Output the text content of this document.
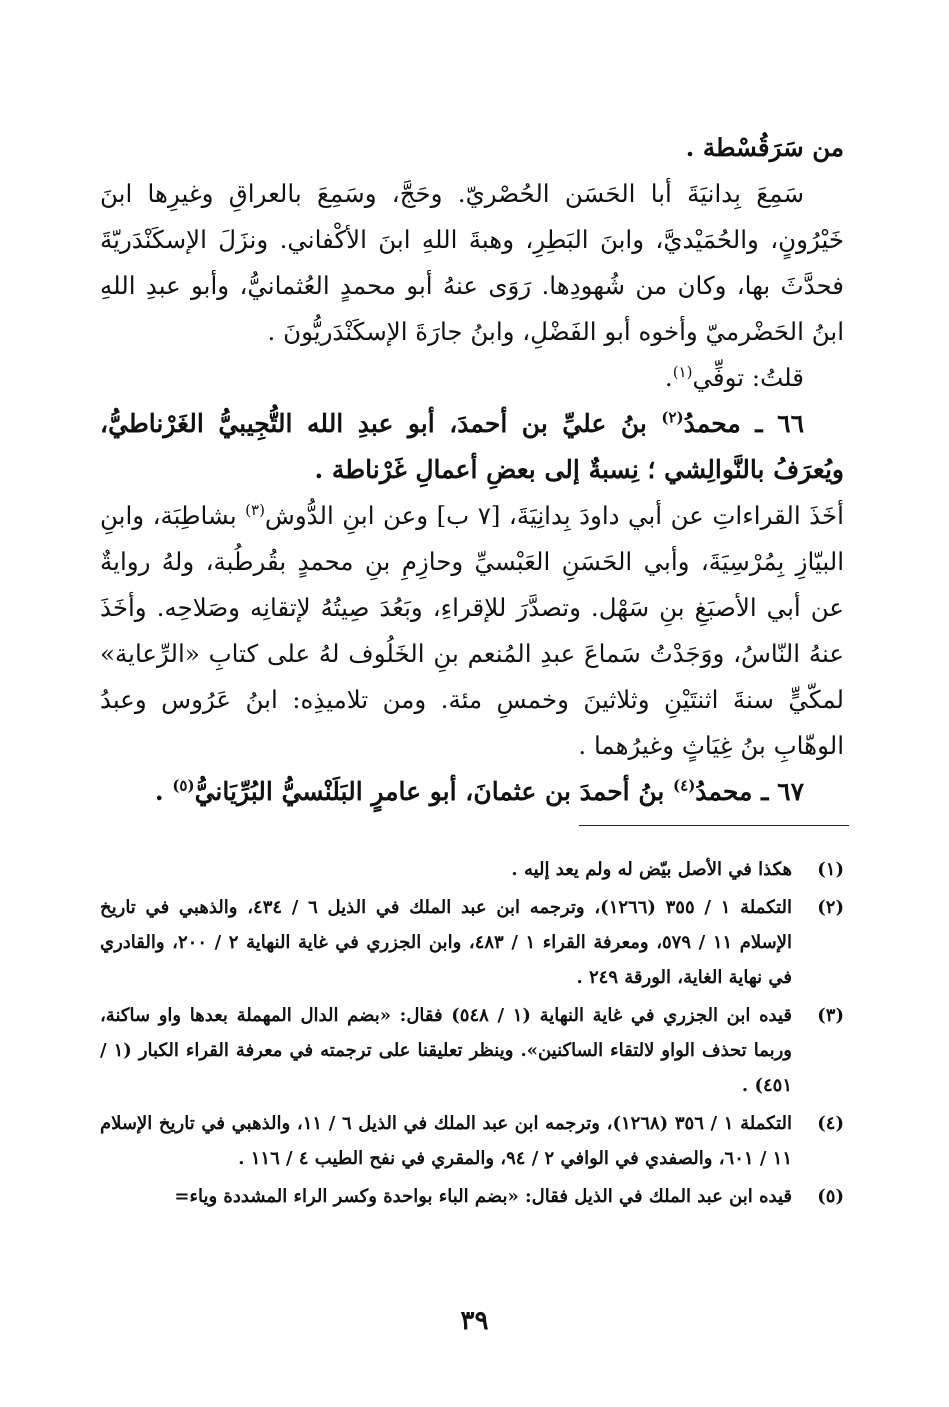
من سَرَقُسْطة .

سَمِعَ بِدانيَةَ أبا الحَسَن الحُصْريّ. وحَجَّ، وسَمِعَ بالعراقِ وغيرِها ابنَ خَيْرُونٍ، والحُمَيْديَّ، وابنَ البَطِرِ، وهبةَ اللهِ ابنَ الأكْفاني. ونزَلَ الإسكَنْدَريّةَ فحدَّثَ بها، وكان من شُهودِها. رَوَى عنهُ أبو محمدٍ العُثمانيُّ، وأبو عبدِ اللهِ ابنُ الحَضْرميّ وأخوه أبو الفَضْلِ، وابنُ جارَةَ الإسكَنْدَريُّونَ .

قلتُ: توفِّي$^{(١)}$.

٦٦ ـ محمدُ$^{(٢)}$ بنُ عليِّ بن أحمدَ، أبو عبدِ الله التُّجِيبيُّ الغَرْناطيُّ، ويُعرَفُ بالنَّوالِشي ؛ نِسبةٌ إلى بعضِ أعمالِ غَرْناطة .

أخَذَ القراءاتِ عن أبي داودَ بِدانِيَةَ، [٧ ب] وعن ابنِ الدُّوش$^{(٣)}$ بشاطِبَة، وابنِ البيّازِ بِمُرْسِيَةَ، وأبي الحَسَنِ العَبْسيِّ وحازِمِ بنِ محمدٍ بقُرطُبة، ولهُ روايةٌ عن أبي الأصبَغِ بنِ سَهْل. وتصدَّرَ للإقراءِ، وبَعُدَ صِيتُهُ لإتقانِه وصَلاحِه. وأخَذَ عنهُ النّاسُ، ووَجَدْتُ سَماعَ عبدِ المُنعم بنِ الخَلُوف لهُ على كتابِ «الرِّعاية» لمكّيٍّ سنةَ اثنتَيْنِ وثلاثينَ وخمسِ مئة. ومن تلاميذِه: ابنُ عَرُوس وعبدُ الوهّابِ بنُ غِيَاثٍ وغيرُهما .

٦٧ ـ محمدُ$^{(٤)}$ بنُ أحمدَ بن عثمانَ، أبو عامرٍ البَلَنْسيُّ البُرِّيَانيُّ$^{(٥)}$ .

(١)
هكذا في الأصل بيّض له ولم يعد إليه .
(٢)
التكملة ١ / ٣٥٥ (١٢٦٦)، وترجمه ابن عبد الملك في الذيل ٦ / ٤٣٤، والذهبي في تاريخ الإسلام ١١ / ٥٧٩، ومعرفة القراء ١ / ٤٨٣، وابن الجزري في غاية النهاية ٢ / ٢٠٠، والقادري في نهاية الغاية، الورقة ٢٤٩ .
(٣)
قيده ابن الجزري في غاية النهاية (١ / ٥٤٨) فقال: «بضم الدال المهملة بعدها واو ساكنة، وربما تحذف الواو لالتقاء الساكنين». وينظر تعليقنا على ترجمته في معرفة القراء الكبار (١ / ٤٥١) .
(٤)
التكملة ١ / ٣٥٦ (١٢٦٨)، وترجمه ابن عبد الملك في الذيل ٦ / ١١، والذهبي في تاريخ الإسلام ١١ / ٦٠١، والصفدي في الوافي ٢ / ٩٤، والمقري في نفح الطيب ٤ / ١١٦ .
(٥)
قيده ابن عبد الملك في الذيل فقال: «بضم الباء بواحدة وكسر الراء المشددة وياء=
٣٩
